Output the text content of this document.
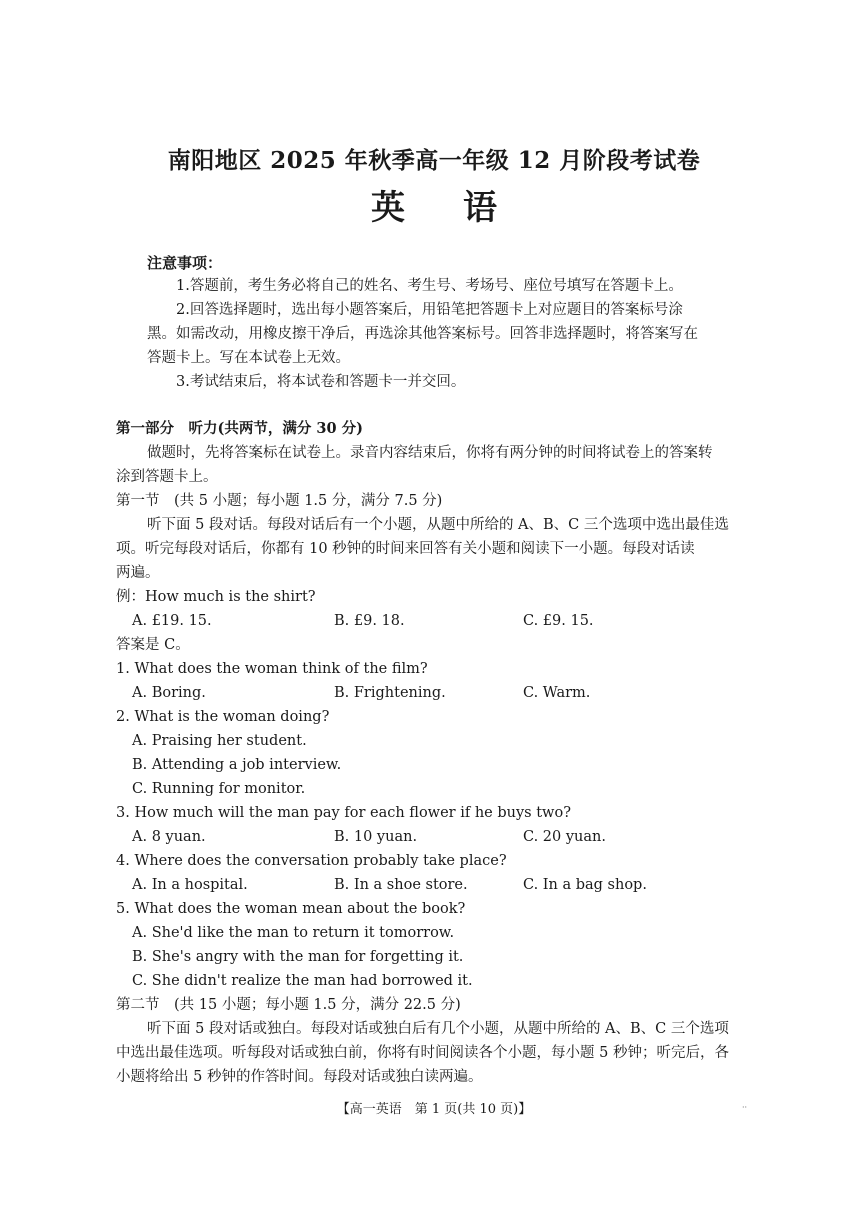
南阳地区 2025 年秋季高一年级 12 月阶段考试卷
英语
注意事项：
1.答题前，考生务必将自己的姓名、考生号、考场号、座位号填写在答题卡上。
2.回答选择题时，选出每小题答案后，用铅笔把答题卡上对应题目的答案标号涂
黑。如需改动，用橡皮擦干净后，再选涂其他答案标号。回答非选择题时，将答案写在
答题卡上。写在本试卷上无效。
3.考试结束后，将本试卷和答题卡一并交回。
第一部分　听力(共两节，满分 30 分)
做题时，先将答案标在试卷上。录音内容结束后，你将有两分钟的时间将试卷上的答案转
涂到答题卡上。
第一节　(共 5 小题；每小题 1.5 分，满分 7.5 分)
听下面 5 段对话。每段对话后有一个小题，从题中所给的 A、B、C 三个选项中选出最佳选
项。听完每段对话后，你都有 10 秒钟的时间来回答有关小题和阅读下一小题。每段对话读
两遍。
例：How much is the shirt?
A. £19. 15.	B. £9. 18.	C. £9. 15.
答案是 C。
1. What does the woman think of the film?
A. Boring.	B. Frightening.	C. Warm.
2. What is the woman doing?
A. Praising her student.
B. Attending a job interview.
C. Running for monitor.
3. How much will the man pay for each flower if he buys two?
A. 8 yuan.	B. 10 yuan.	C. 20 yuan.
4. Where does the conversation probably take place?
A. In a hospital.	B. In a shoe store.	C. In a bag shop.
5. What does the woman mean about the book?
A. She'd like the man to return it tomorrow.
B. She's angry with the man for forgetting it.
C. She didn't realize the man had borrowed it.
第二节　(共 15 小题；每小题 1.5 分，满分 22.5 分)
听下面 5 段对话或独白。每段对话或独白后有几个小题，从题中所给的 A、B、C 三个选项
中选出最佳选项。听每段对话或独白前，你将有时间阅读各个小题，每小题 5 秒钟；听完后，各
小题将给出 5 秒钟的作答时间。每段对话或独白读两遍。
【高一英语　第 1 页(共 10 页)】	··
